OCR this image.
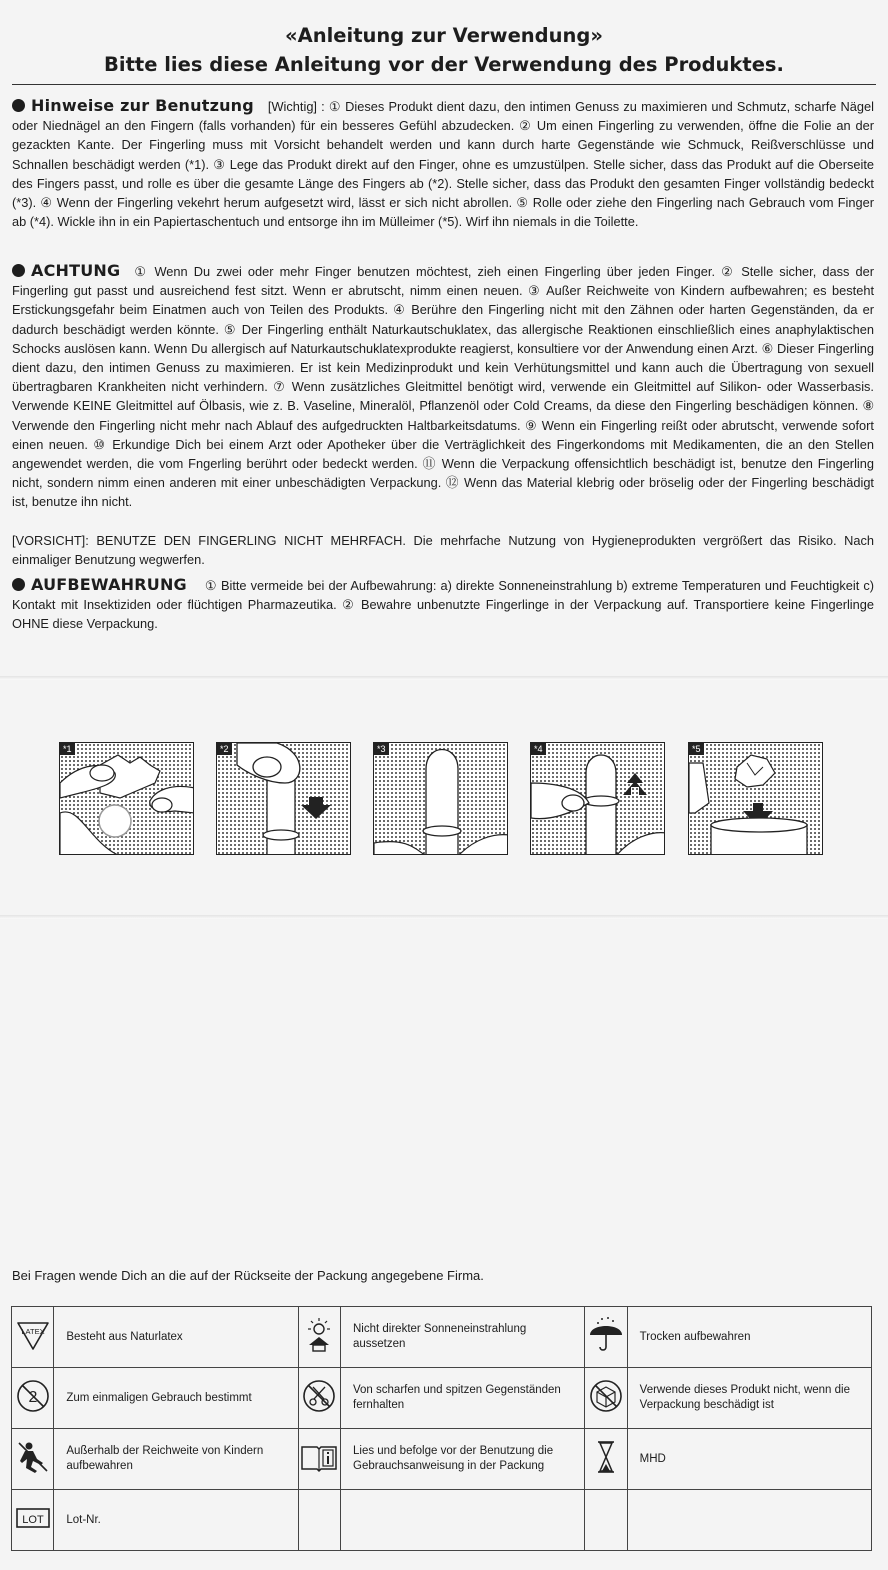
«Anleitung zur Verwendung»
Bitte lies diese Anleitung vor der Verwendung des Produktes.
Hinweise zur Benutzung [Wichtig] : ① Dieses Produkt dient dazu, den intimen Genuss zu maximieren und Schmutz, scharfe Nägel oder Niednägel an den Fingern (falls vorhanden) für ein besseres Gefühl abzudecken. ② Um einen Fingerling zu verwenden, öffne die Folie an der gezackten Kante. Der Fingerling muss mit Vorsicht behandelt werden und kann durch harte Gegenstände wie Schmuck, Reißverschlüsse und Schnallen beschädigt werden (*1). ③ Lege das Produkt direkt auf den Finger, ohne es umzustülpen. Stelle sicher, dass das Produkt auf die Oberseite des Fingers passt, und rolle es über die gesamte Länge des Fingers ab (*2). Stelle sicher, dass das Produkt den gesamten Finger vollständig bedeckt (*3). ④ Wenn der Fingerling vekehrt herum aufgesetzt wird, lässt er sich nicht abrollen. ⑤ Rolle oder ziehe den Fingerling nach Gebrauch vom Finger ab (*4). Wickle ihn in ein Papiertaschentuch und entsorge ihn im Mülleimer (*5). Wirf ihn niemals in die Toilette.
ACHTUNG ① Wenn Du zwei oder mehr Finger benutzen möchtest, zieh einen Fingerling über jeden Finger. ② Stelle sicher, dass der Fingerling gut passt und ausreichend fest sitzt. Wenn er abrutscht, nimm einen neuen. ③ Außer Reichweite von Kindern aufbewahren; es besteht Erstickungsgefahr beim Einatmen auch von Teilen des Produkts. ④ Berühre den Fingerling nicht mit den Zähnen oder harten Gegenständen, da er dadurch beschädigt werden könnte. ⑤ Der Fingerling enthält Naturkautschuklatex, das allergische Reaktionen einschließlich eines anaphylaktischen Schocks auslösen kann. Wenn Du allergisch auf Naturkautschuklatexprodukte reagierst, konsultiere vor der Anwendung einen Arzt. ⑥ Dieser Fingerling dient dazu, den intimen Genuss zu maximieren. Er ist kein Medizinprodukt und kein Verhütungsmittel und kann auch die Übertragung von sexuell übertragbaren Krankheiten nicht verhindern. ⑦ Wenn zusätzliches Gleitmittel benötigt wird, verwende ein Gleitmittel auf Silikon- oder Wasserbasis. Verwende KEINE Gleitmittel auf Ölbasis, wie z. B. Vaseline, Mineralöl, Pflanzenöl oder Cold Creams, da diese den Fingerling beschädigen können. ⑧ Verwende den Fingerling nicht mehr nach Ablauf des aufgedruckten Haltbarkeitsdatums. ⑨ Wenn ein Fingerling reißt oder abrutscht, verwende sofort einen neuen. ⑩ Erkundige Dich bei einem Arzt oder Apotheker über die Verträglichkeit des Fingerkondoms mit Medikamenten, die an den Stellen angewendet werden, die vom Fngerling berührt oder bedeckt werden. ⑪ Wenn die Verpackung offensichtlich beschädigt ist, benutze den Fingerling nicht, sondern nimm einen anderen mit einer unbeschädigten Verpackung. ⑫ Wenn das Material klebrig oder bröselig oder der Fingerling beschädigt ist, benutze ihn nicht.
[VORSICHT]: BENUTZE DEN FINGERLING NICHT MEHRFACH. Die mehrfache Nutzung von Hygieneprodukten vergrößert das Risiko. Nach einmaliger Benutzung wegwerfen.
AUFBEWAHRUNG ① Bitte vermeide bei der Aufbewahrung: a) direkte Sonneneinstrahlung b) extreme Temperaturen und Feuchtigkeit c) Kontakt mit Insektiziden oder flüchtigen Pharmazeutika. ② Bewahre unbenutzte Fingerlinge in der Verpackung auf. Transportiere keine Fingerlinge OHNE diese Verpackung.
*1	*2	*3	*4	*5
Bei Fragen wende Dich an die auf der Rückseite der Packung angegebene Firma.
LATEX	Besteht aus Naturlatex		Nicht direkter Sonneneinstrahlung aussetzen		Trocken aufbewahren

2	Zum einmaligen Gebrauch bestimmt		Von scharfen und spitzen Gegenständen fernhalten		Verwende dieses Produkt nicht, wenn die Verpackung beschädigt ist
	Außerhalb der Reichweite von Kindern aufbewahren		Lies und befolge vor der Benutzung die Gebrauchsanweisung in der Packung		MHD

LOT	Lot-Nr.				
